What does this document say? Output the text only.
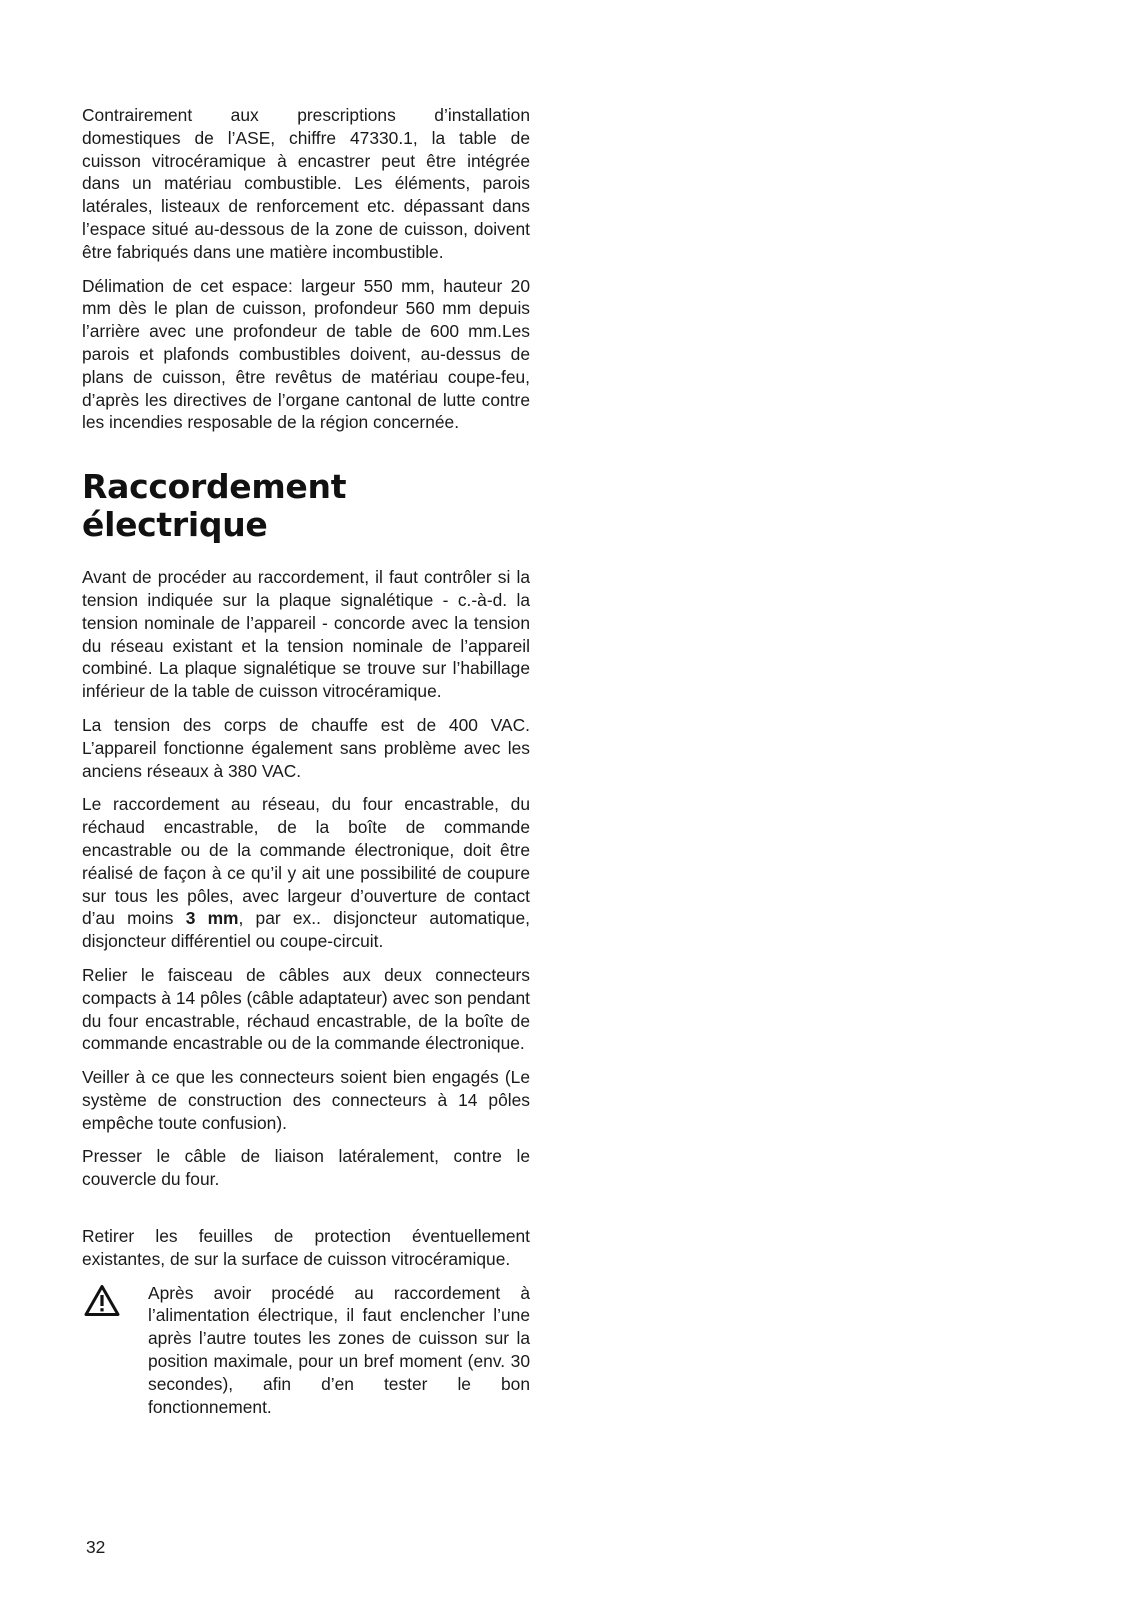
Contrairement aux prescriptions d’installation domestiques de l’ASE, chiffre 47330.1, la table de cuisson vitrocéramique à encastrer peut être intégrée dans un matériau combustible. Les éléments, parois latérales, listeaux de renforcement etc. dépassant dans l’espace situé au-dessous de la zone de cuisson, doivent être fabriqués dans une matière incombustible.

Délimation de cet espace: largeur 550 mm, hauteur 20 mm dès le plan de cuisson, profondeur 560 mm depuis l’arrière avec une profondeur de table de 600 mm.Les parois et plafonds combustibles doivent, au-dessus de plans de cuisson, être revêtus de matériau coupe-feu, d’après les directives de l’organe cantonal de lutte contre les incendies resposable de la région concernée.

Raccordement
électrique

Avant de procéder au raccordement, il faut contrôler si la tension indiquée sur la plaque signalétique - c.-à-d. la tension nominale de l’appareil - concorde avec la tension du réseau existant et la tension nominale de l’appareil combiné. La plaque signalétique se trouve sur l’habillage inférieur de la table de cuisson vitrocéramique.

La tension des corps de chauffe est de 400 VAC. L’appareil fonctionne également sans problème avec les anciens réseaux à 380 VAC.

Le raccordement au réseau, du four encastrable, du réchaud encastrable, de la boîte de commande encastrable ou de la commande électronique, doit être réalisé de façon à ce qu’il y ait une possibilité de coupure sur tous les pôles, avec largeur d’ouverture de contact d’au moins 3 mm, par ex.. disjoncteur automatique, disjoncteur différentiel ou coupe-circuit.

Relier le faisceau de câbles aux deux connecteurs compacts à 14 pôles (câble adaptateur) avec son pendant du four encastrable, réchaud encastrable, de la boîte de commande encastrable ou de la commande électronique.

Veiller à ce que les connecteurs soient bien engagés (Le système de construction des connecteurs à 14 pôles empêche toute confusion).

Presser le câble de liaison latéralement, contre le couvercle du four.

Retirer les feuilles de protection éventuellement existantes, de sur la surface de cuisson vitrocéramique.

Après avoir procédé au raccordement à l’alimentation électrique, il faut enclencher l’une après l’autre toutes les zones de cuisson sur la position maximale, pour un bref moment (env. 30 secondes), afin d’en tester le bon fonctionnement.

32
